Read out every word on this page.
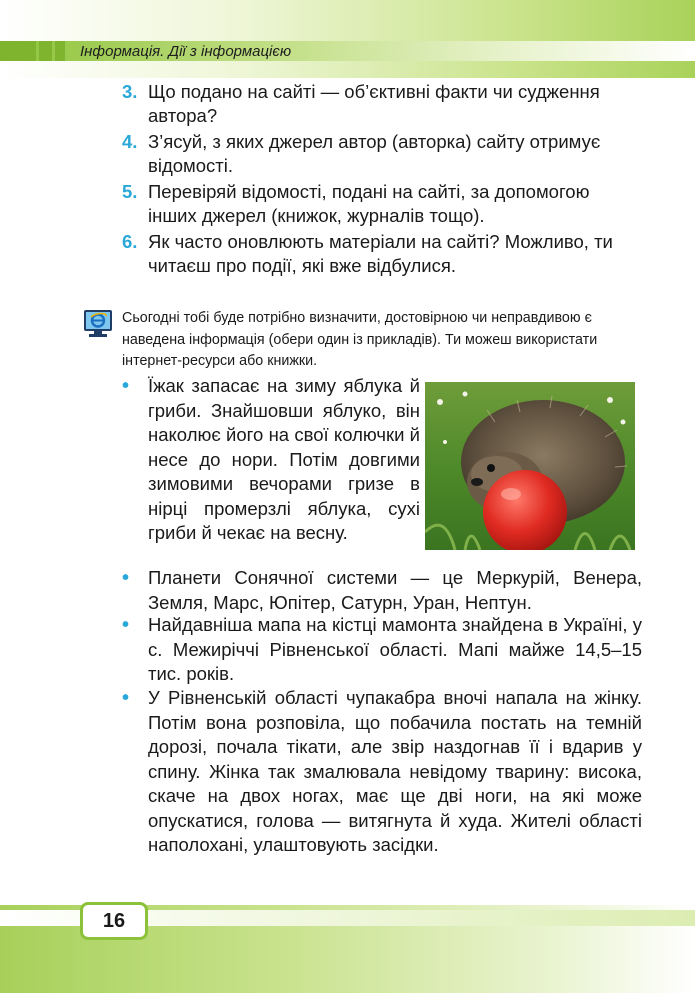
Інформація. Дії з інформацією
3. Що подано на сайті — об’єктивні факти чи судження автора?
4. З’ясуй, з яких джерел автор (авторка) сайту отримує відомості.
5. Перевіряй відомості, подані на сайті, за допомогою інших джерел (книжок, журналів тощо).
6. Як часто оновлюють матеріали на сайті? Можливо, ти читаєш про події, які вже відбулися.
Сьогодні тобі буде потрібно визначити, достовірною чи неправдивою є наведена інформація (обери один із прикладів). Ти можеш використати інтернет-ресурси або книжки.
•	Їжак запасає на зиму яблука й гриби. Знайшовши яблуко, він наколює його на свої колючки й несе до нори. Потім довгими зимовими вечорами гризе в нірці промерзлі яблука, сухі гриби й чекає на весну.
•	Планети Сонячної системи — це Меркурій, Венера, Земля, Марс, Юпітер, Сатурн, Уран, Нептун.
•	Найдавніша мапа на кістці мамонта знайдена в Україні, у с. Межиріччі Рівненської області. Мапі майже 14,5–15 тис. років.
•	У Рівненській області чупакабра вночі напала на жінку. Потім вона розповіла, що побачила постать на темній дорозі, почала тікати, але звір наздогнав її і вдарив у спину. Жінка так змалювала невідому тварину: висока, скаче на двох ногах, має ще дві ноги, на які може опускатися, голова — витягнута й худа. Жителі області наполохані, улаштовують засідки.
16
